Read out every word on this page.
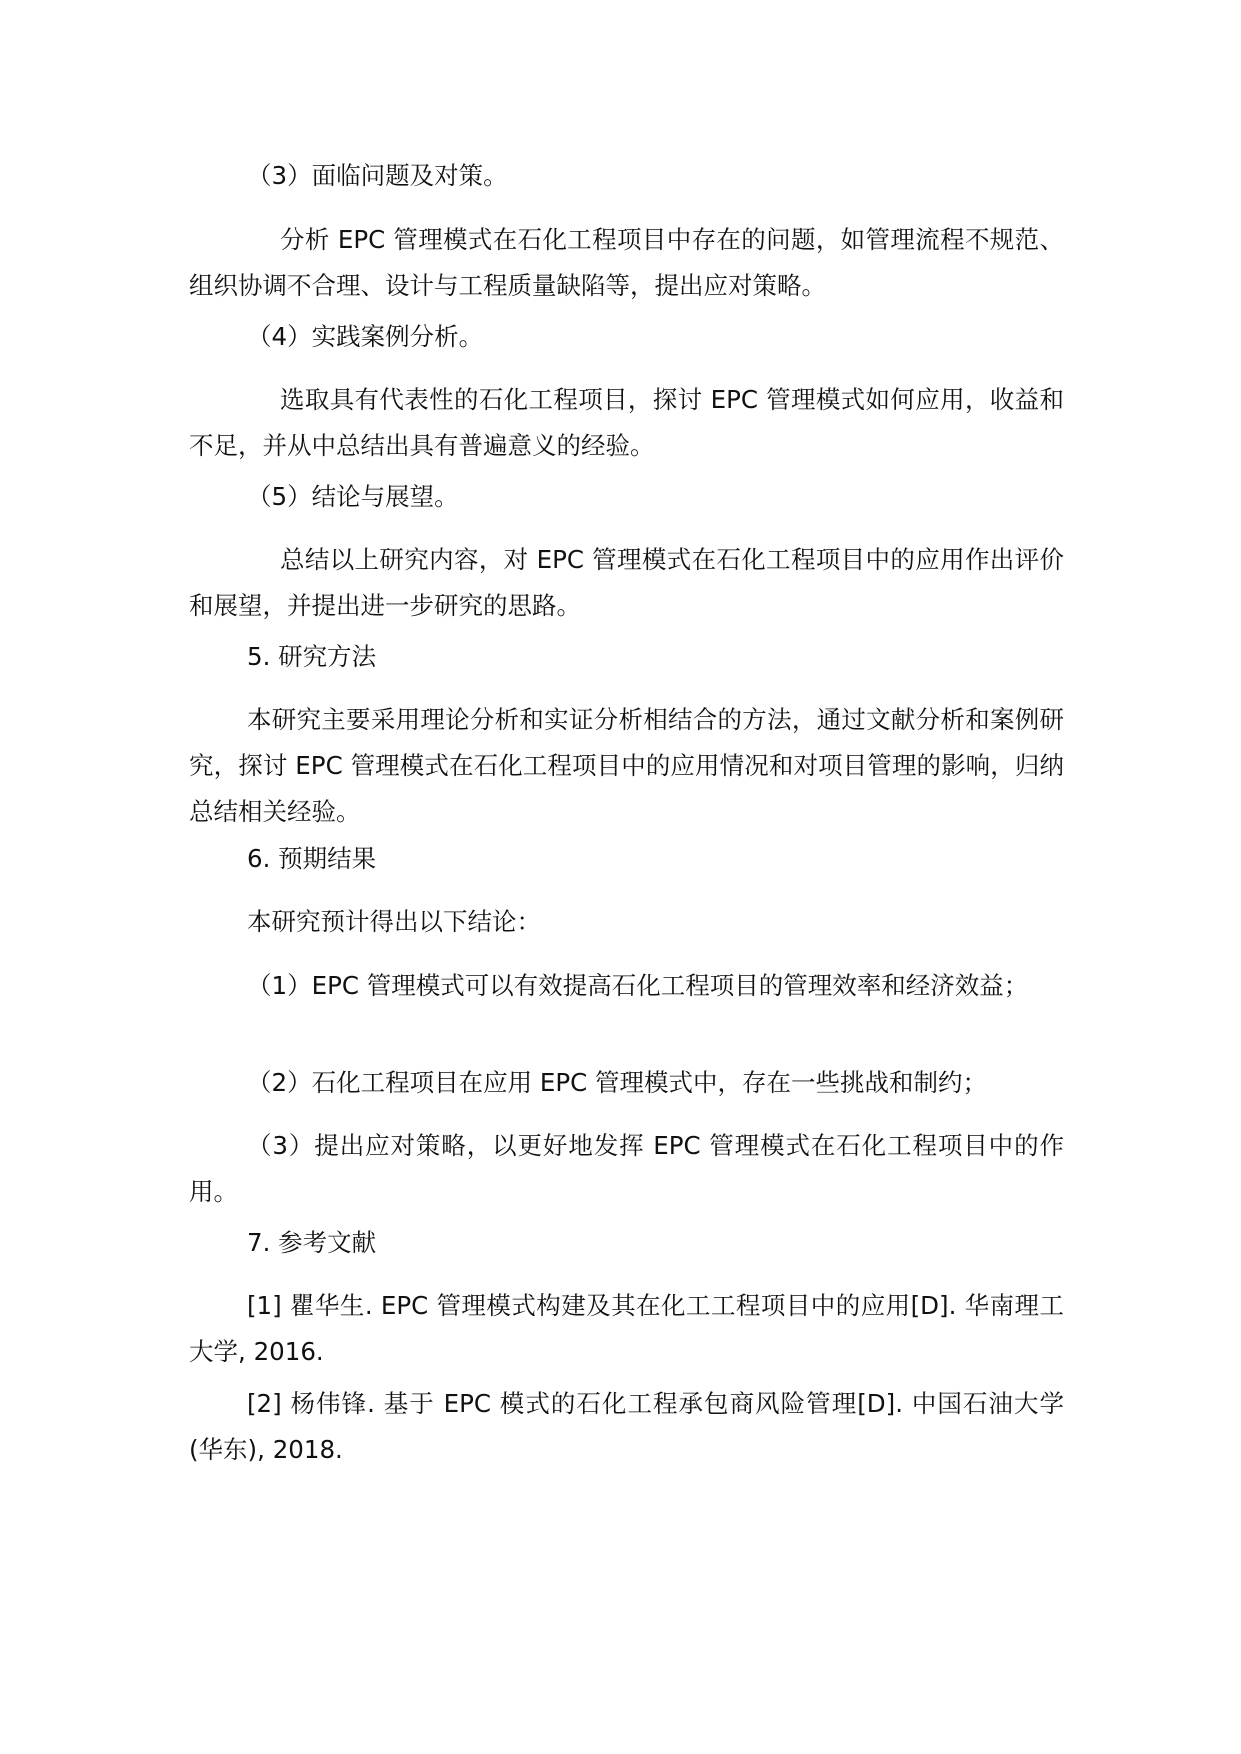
（3）面临问题及对策。

分析 EPC 管理模式在石化工程项目中存在的问题，如管理流程不规范、组织协调不合理、设计与工程质量缺陷等，提出应对策略。

（4）实践案例分析。

选取具有代表性的石化工程项目，探讨 EPC 管理模式如何应用，收益和不足，并从中总结出具有普遍意义的经验。

（5）结论与展望。

总结以上研究内容，对 EPC 管理模式在石化工程项目中的应用作出评价和展望，并提出进一步研究的思路。

5. 研究方法

本研究主要采用理论分析和实证分析相结合的方法，通过文献分析和案例研究，探讨 EPC 管理模式在石化工程项目中的应用情况和对项目管理的影响，归纳总结相关经验。

6. 预期结果

本研究预计得出以下结论：

（1）EPC 管理模式可以有效提高石化工程项目的管理效率和经济效益；

（2）石化工程项目在应用 EPC 管理模式中，存在一些挑战和制约；

（3）提出应对策略，以更好地发挥 EPC 管理模式在石化工程项目中的作用。

7. 参考文献

[1] 瞿华生. EPC 管理模式构建及其在化工工程项目中的应用[D]. 华南理工大学, 2016.

[2] 杨伟锋. 基于 EPC 模式的石化工程承包商风险管理[D]. 中国石油大学(华东), 2018.
